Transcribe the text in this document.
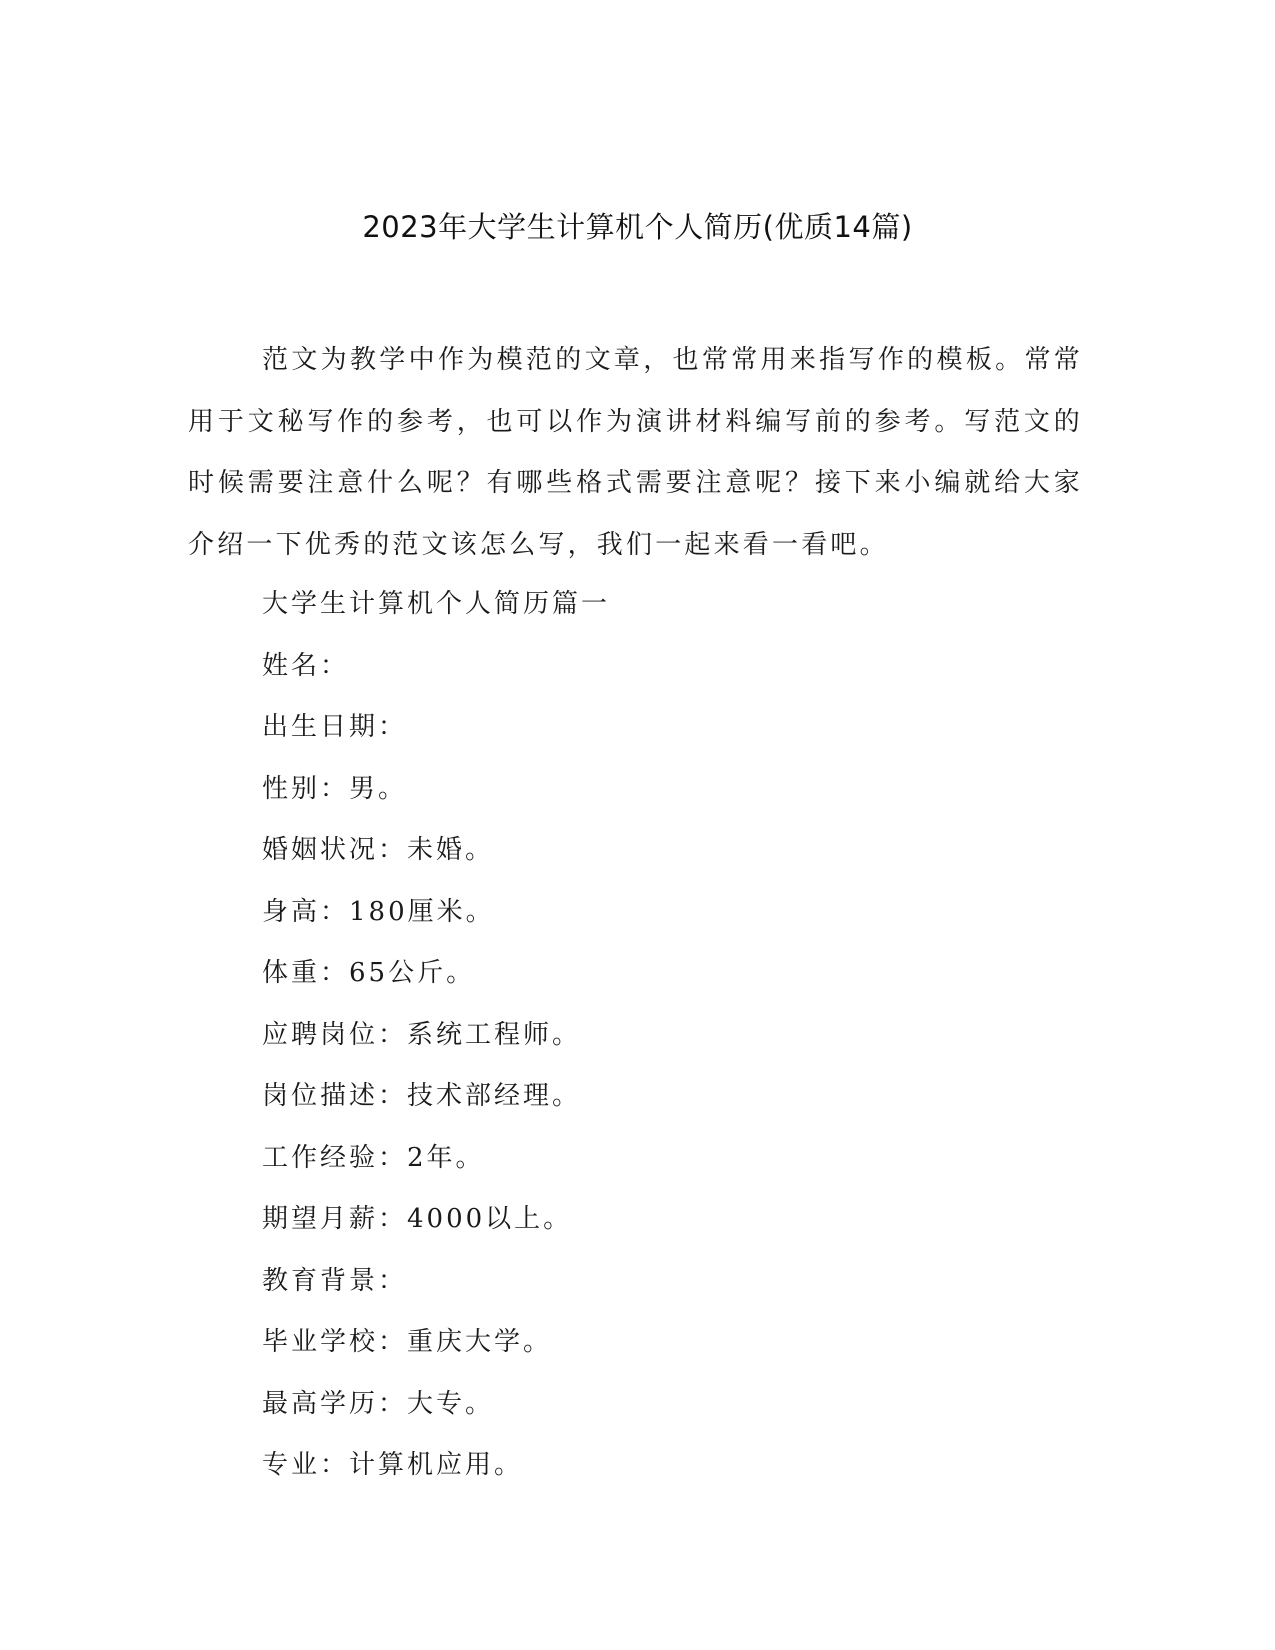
2023年大学生计算机个人简历(优质14篇)

范文为教学中作为模范的文章，也常常用来指写作的模板。常常用于文秘写作的参考，也可以作为演讲材料编写前的参考。写范文的时候需要注意什么呢？有哪些格式需要注意呢？接下来小编就给大家介绍一下优秀的范文该怎么写，我们一起来看一看吧。

大学生计算机个人简历篇一
姓名：
出生日期：
性别：男。
婚姻状况：未婚。
身高：180厘米。
体重：65公斤。
应聘岗位：系统工程师。
岗位描述：技术部经理。
工作经验：2年。
期望月薪：4000以上。
教育背景：
毕业学校：重庆大学。
最高学历：大专。
专业：计算机应用。
